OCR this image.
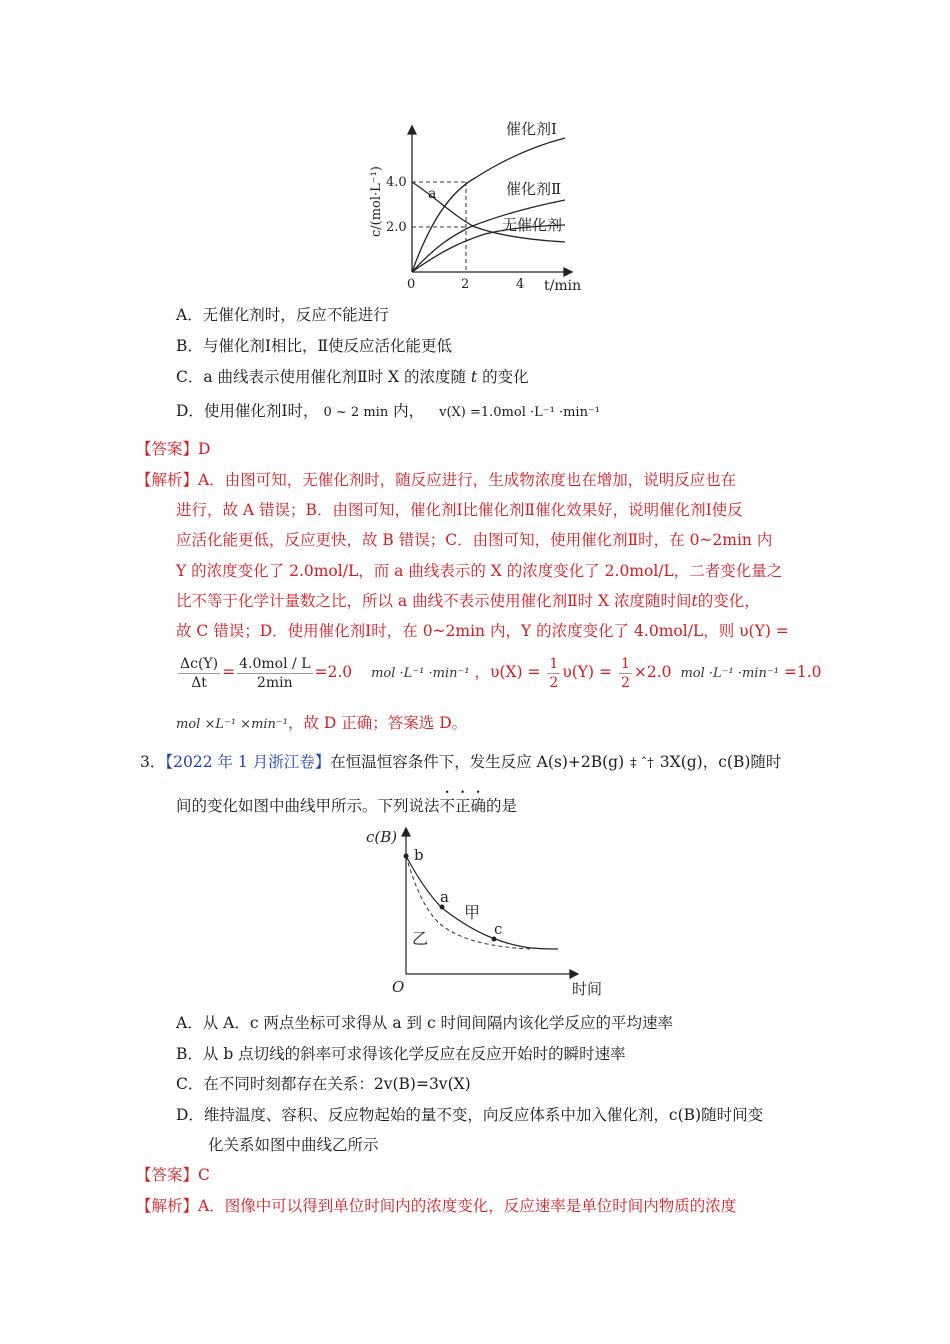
4.0
2.0
0	2	4 t/min
a
催化剂Ⅰ
催化剂Ⅱ
无催化剂
c/(mol·L⁻¹)
A．无催化剂时，反应不能进行
B．与催化剂Ⅰ相比，Ⅱ使反应活化能更低
C．a 曲线表示使用催化剂Ⅱ时 X 的浓度随 t 的变化
D．使用催化剂Ⅰ时， 0 ~ 2 min 内， v(X) =1.0mol ·L⁻¹ ·min⁻¹
【答案】D
【解析】A．由图可知，无催化剂时，随反应进行，生成物浓度也在增加，说明反应也在
进行，故 A 错误；B．由图可知，催化剂Ⅰ比催化剂Ⅱ催化效果好，说明催化剂Ⅰ使反
应活化能更低，反应更快，故 B 错误；C．由图可知，使用催化剂Ⅱ时，在 0~2min 内
Y 的浓度变化了 2.0mol/L，而 a 曲线表示的 X 的浓度变化了 2.0mol/L，二者变化量之
比不等于化学计量数之比，所以 a 曲线不表示使用催化剂Ⅱ时 X 浓度随时间t的变化，
故 C 错误；D．使用催化剂Ⅰ时，在 0~2min 内，Y 的浓度变化了 4.0mol/L，则 υ(Y) =
$\frac{\Delta c(Y)}{\Delta t} = \frac{\text{4.0mol / L}}{2\min} =2.0$ mol ·L⁻¹ ·min⁻¹ ，$\upsilon(X) = \frac{1}{2} \upsilon(Y) = \frac{1}{2} \times 2.0$ mol ·L⁻¹ ·min⁻¹ =1.0
mol ×L⁻¹ ×min⁻¹，故 D 正确；答案选 D。
3．【2022 年 1 月浙江卷】在恒温恒容条件下，发生反应 A(s)+2B(g) ‡ ˆ† 3X(g)，c(B)随时
间的变化如图中曲线甲所示。下列说法不正确的是
c(B)
O	时间
b
a
c
甲
乙
A．从 A．c 两点坐标可求得从 a 到 c 时间间隔内该化学反应的平均速率
B．从 b 点切线的斜率可求得该化学反应在反应开始时的瞬时速率
C．在不同时刻都存在关系：2v(B)=3v(X)
D．维持温度、容积、反应物起始的量不变，向反应体系中加入催化剂，c(B)随时间变
化关系如图中曲线乙所示
【答案】C
【解析】A．图像中可以得到单位时间内的浓度变化，反应速率是单位时间内物质的浓度
